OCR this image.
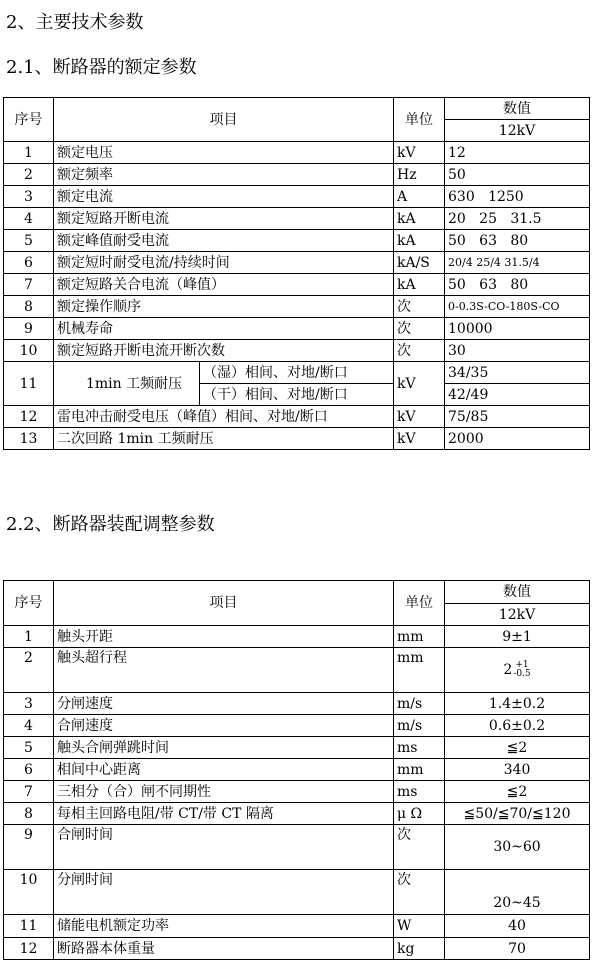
2、主要技术参数
2.1、断路器的额定参数
序号	项目		单位	数值
				12kV
1	额定电压		kV	12
2	额定频率		Hz	50
3	额定电流		A	630   1250
4	额定短路开断电流		kA	20   25   31.5
5	额定峰值耐受电流		kA	50   63   80
6	额定短时耐受电流/持续时间		kA/S	20/4 25/4 31.5/4
7	额定短路关合电流（峰值）		kA	50   63   80
8	额定操作顺序		次	0-0.3S-CO-180S-CO
9	机械寿命		次	10000
10	额定短路开断电流开断次数		次	30
11	1min 工频耐压	（湿）相间、对地/断口	kV	34/35
		（干）相间、对地/断口		42/49
12	雷电冲击耐受电压（峰值）相间、对地/断口		kV	75/85
13	二次回路 1min 工频耐压		kV	2000
2.2、断路器装配调整参数
序号	项目	单位	数值
			12kV
1	触头开距	mm	9±1
2	触头超行程	mm	2 +1
-0.5

3	分闸速度	m/s	1.4±0.2
4	合闸速度	m/s	0.6±0.2
5	触头合闸弹跳时间	ms	≦2
6	相间中心距离	mm	340
7	三相分（合）闸不同期性	ms	≦2
8	每相主回路电阻/带 CT/带 CT 隔离	μ Ω	≦50/≦70/≦120
9	合闸时间	次	30~60
10	分闸时间	次	20~45
11	储能电机额定功率	W	40
12	断路器本体重量	kg	70
